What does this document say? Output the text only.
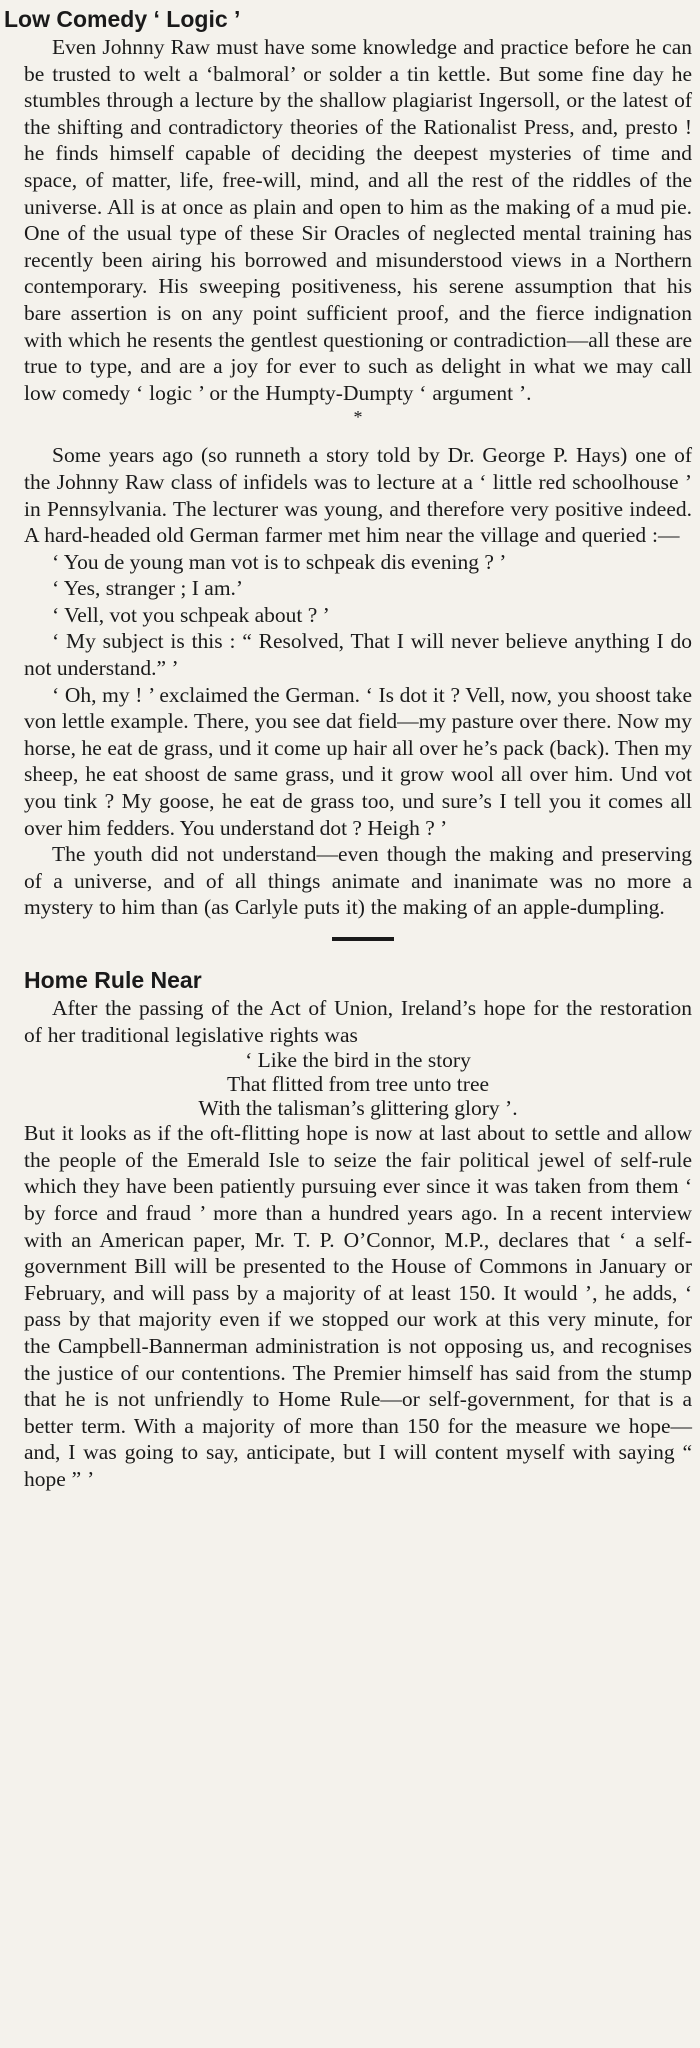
Low Comedy ‘ Logic ’

Even Johnny Raw must have some knowledge and practice before he can be trusted to welt a ‘balmoral’ or solder a tin kettle. But some fine day he stumbles through a lecture by the shallow plagiarist Ingersoll, or the latest of the shifting and contradictory theories of the Rationalist Press, and, presto ! he finds himself capable of deciding the deepest mysteries of time and space, of matter, life, free-will, mind, and all the rest of the riddles of the universe. All is at once as plain and open to him as the making of a mud pie. One of the usual type of these Sir Oracles of neglected mental training has recently been airing his borrowed and misunderstood views in a Northern contemporary. His sweeping positiveness, his serene assumption that his bare assertion is on any point sufficient proof, and the fierce indignation with which he resents the gentlest questioning or contradiction—all these are true to type, and are a joy for ever to such as delight in what we may call low comedy ‘ logic ’ or the Humpty-Dumpty ‘ argument ’.

*

Some years ago (so runneth a story told by Dr. George P. Hays) one of the Johnny Raw class of infidels was to lecture at a ‘ little red schoolhouse ’ in Pennsylvania. The lecturer was young, and therefore very positive indeed. A hard-headed old German farmer met him near the village and queried :—

‘ You de young man vot is to schpeak dis evening ? ’

‘ Yes, stranger ; I am.’

‘ Vell, vot you schpeak about ? ’

‘ My subject is this : “ Resolved, That I will never believe anything I do not understand.” ’

‘ Oh, my ! ’ exclaimed the German. ‘ Is dot it ? Vell, now, you shoost take von lettle example. There, you see dat field—my pasture over there. Now my horse, he eat de grass, und it come up hair all over he’s pack (back). Then my sheep, he eat shoost de same grass, und it grow wool all over him. Und vot you tink ? My goose, he eat de grass too, und sure’s I tell you it comes all over him fedders. You understand dot ? Heigh ? ’

The youth did not understand—even though the making and preserving of a universe, and of all things animate and inanimate was no more a mystery to him than (as Carlyle puts it) the making of an apple-dumpling.

Home Rule Near

After the passing of the Act of Union, Ireland’s hope for the restoration of her traditional legislative rights was

‘ Like the bird in the story
That flitted from tree unto tree
With the talisman’s glittering glory ’.

But it looks as if the oft-flitting hope is now at last about to settle and allow the people of the Emerald Isle to seize the fair political jewel of self-rule which they have been patiently pursuing ever since it was taken from them ‘ by force and fraud ’ more than a hundred years ago. In a recent interview with an American paper, Mr. T. P. O’Connor, M.P., declares that ‘ a self-government Bill will be presented to the House of Commons in January or February, and will pass by a majority of at least 150. It would ’, he adds, ‘ pass by that majority even if we stopped our work at this very minute, for the Campbell-Bannerman administration is not opposing us, and recognises the justice of our contentions. The Premier himself has said from the stump that he is not unfriendly to Home Rule—or self-government, for that is a better term. With a majority of more than 150 for the measure we hope—and, I was going to say, anticipate, but I will content myself with saying “ hope ” ’
